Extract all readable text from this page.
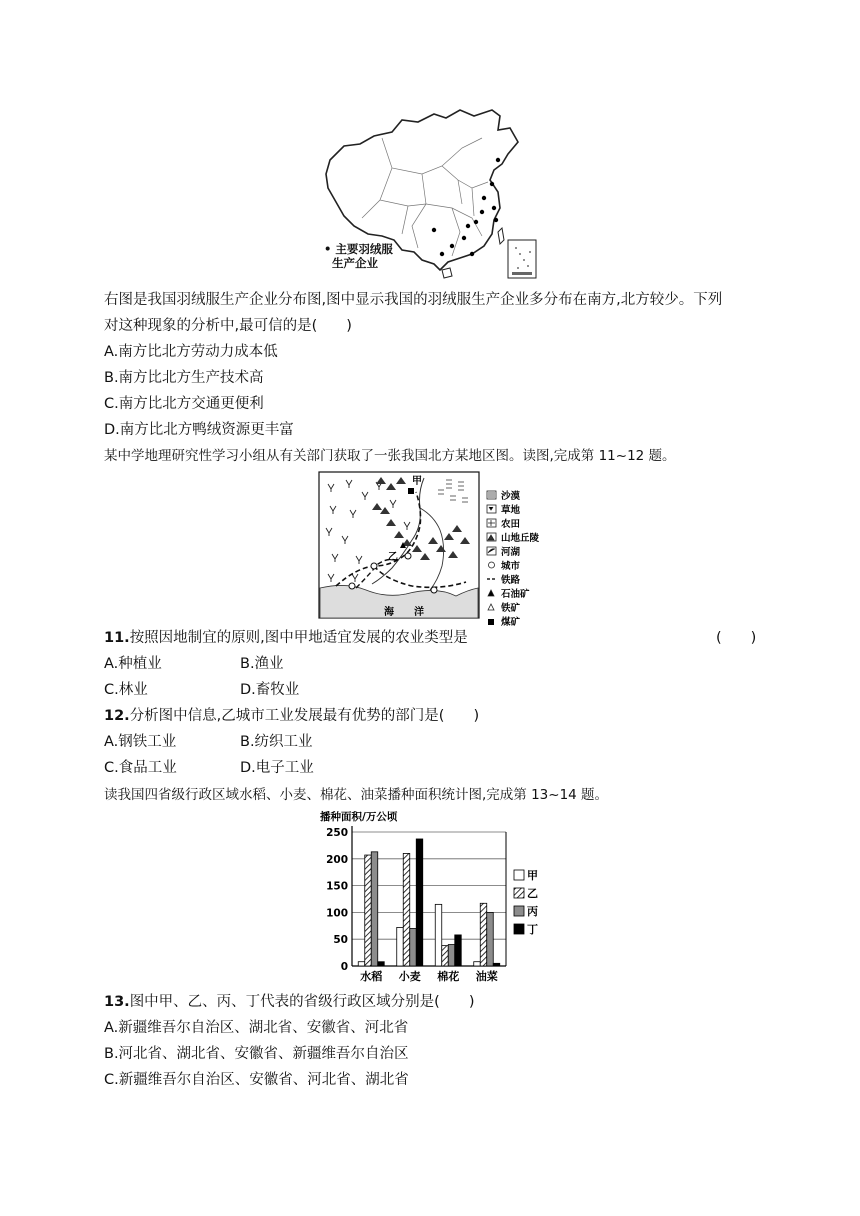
• 主要羽绒服
生产企业
右图是我国羽绒服生产企业分布图,图中显示我国的羽绒服生产企业多分布在南方,北方较少。下列
对这种现象的分析中,最可信的是(　　)
A.南方比北方劳动力成本低
B.南方比北方生产技术高
C.南方比北方交通更便利
D.南方比北方鸭绒资源更丰富
某中学地理研究性学习小组从有关部门获取了一张我国北方某地区图。读图,完成第 11~12 题。
海　　洋
甲
乙
沙漠
草地
农田
山地丘陵
河湖
城市
铁路
石油矿
铁矿
煤矿
11.按照因地制宜的原则,图中甲地适宜发展的农业类型是	(　　)
A.种植业	B.渔业
C.林业	D.畜牧业
12.分析图中信息,乙城市工业发展最有优势的部门是(　　)
A.钢铁工业	B.纺织工业
C.食品工业	D.电子工业
读我国四省级行政区域水稻、小麦、棉花、油菜播种面积统计图,完成第 13~14 题。
播种面积/万公顷
0
50
100
150
200
250
水稻 小麦 棉花 油菜
甲
乙
丙
丁
13.图中甲、乙、丙、丁代表的省级行政区域分别是(　　)
A.新疆维吾尔自治区、湖北省、安徽省、河北省
B.河北省、湖北省、安徽省、新疆维吾尔自治区
C.新疆维吾尔自治区、安徽省、河北省、湖北省
